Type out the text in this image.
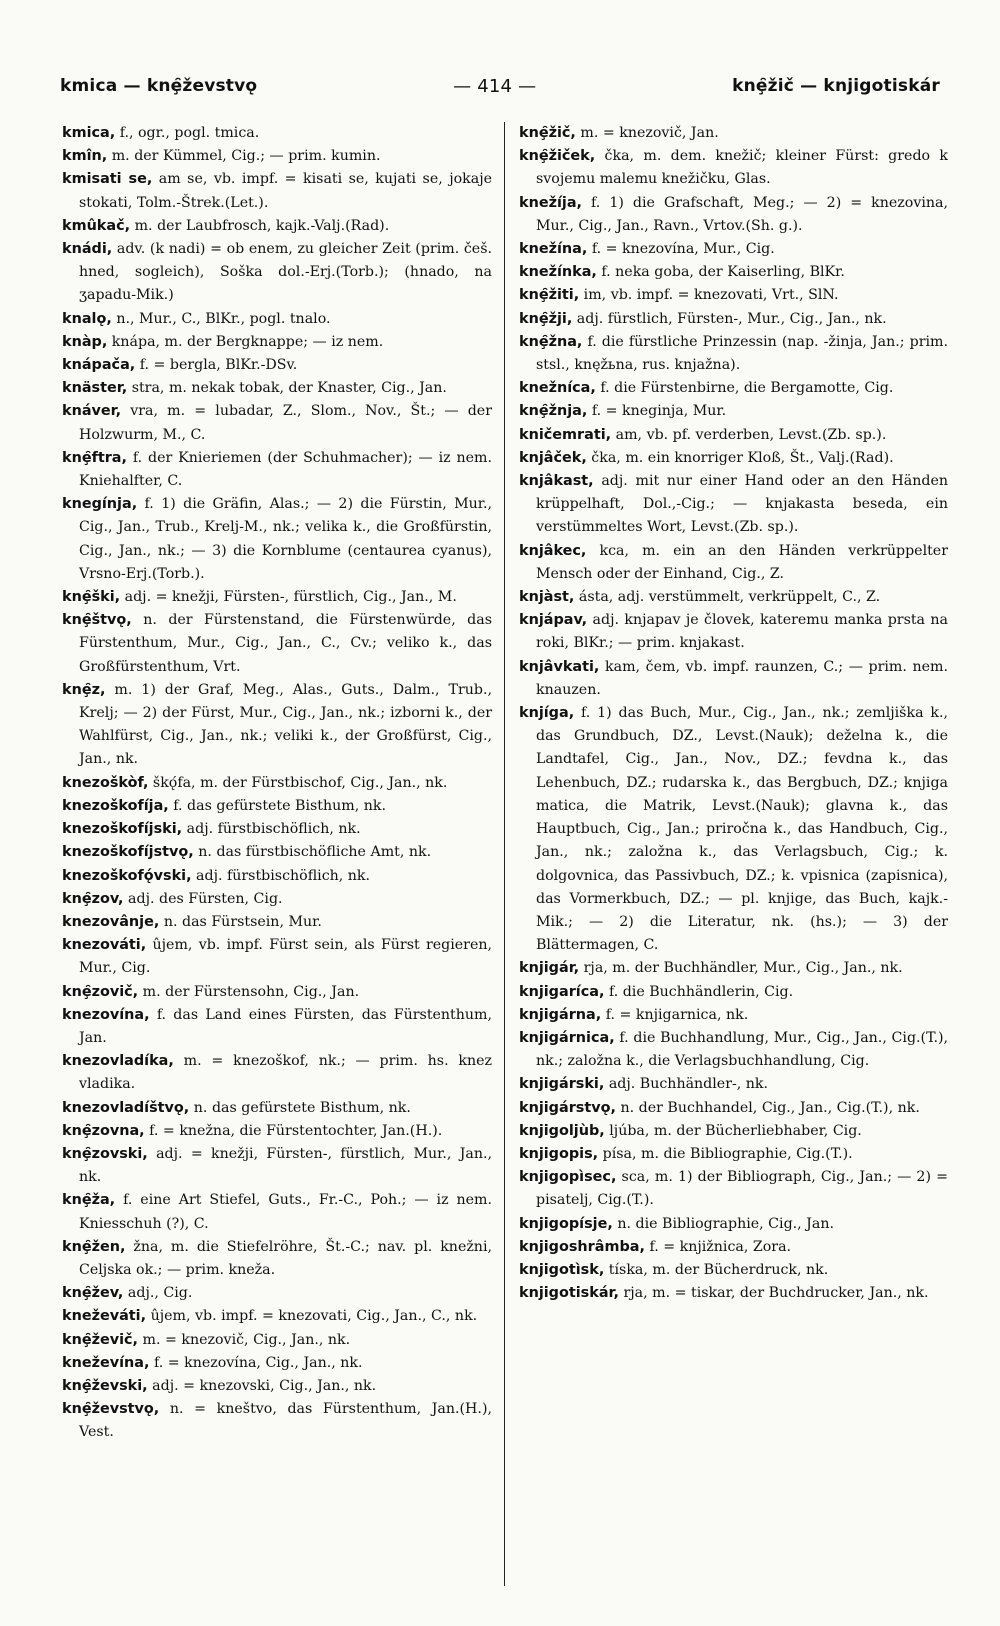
kmica — knȩ̑ževstvǫ	— 414 —	knȩ̑žič — knjigotiskár

kmica, f., ogr., pogl. tmica.

kmîn, m. der Kümmel, Cig.; — prim. kumin.

kmisati se, am se, vb. impf. = kisati se, kujati se, jokaje stokati, Tolm.-Štrek.(Let.).

kmûkač, m. der Laubfrosch, kajk.-Valj.(Rad).

knádi, adv. (k nadi) = ob enem, zu gleicher Zeit (prim. češ. hned, sogleich), Soška dol.-Erj.(Torb.); (hnado, na ʒapadu-Mik.)

knalǫ, n., Mur., C., BlKr., pogl. tnalo.

knàp, knápa, m. der Bergknappe; — iz nem.

knápača, f. = bergla, BlKr.-DSv.

knäster, stra, m. nekak tobak, der Knaster, Cig., Jan.

knáver, vra, m. = lubadar, Z., Slom., Nov., Št.; — der Holzwurm, M., C.

knȩ̑ftra, f. der Knieriemen (der Schuhmacher); — iz nem. Kniehalfter, C.

knegínja, f. 1) die Gräfin, Alas.; — 2) die Fürstin, Mur., Cig., Jan., Trub., Krelj-M., nk.; velika k., die Großfürstin, Cig., Jan., nk.; — 3) die Kornblume (centaurea cyanus), Vrsno-Erj.(Torb.).

knȩ̑ški, adj. = knežji, Fürsten-, fürstlich, Cig., Jan., M.

knȩ̑štvǫ, n. der Fürstenstand, die Fürstenwürde, das Fürstenthum, Mur., Cig., Jan., C., Cv.; veliko k., das Großfürstenthum, Vrt.

knȩ̑z, m. 1) der Graf, Meg., Alas., Guts., Dalm., Trub., Krelj; — 2) der Fürst, Mur., Cig., Jan., nk.; izborni k., der Wahlfürst, Cig., Jan., nk.; veliki k., der Großfürst, Cig., Jan., nk.

knezoškòf, škǫ́fa, m. der Fürstbischof, Cig., Jan., nk.

knezoškofíja, f. das gefürstete Bisthum, nk.

knezoškofíjski, adj. fürstbischöflich, nk.

knezoškofíjstvǫ, n. das fürstbischöfliche Amt, nk.

knezoškofǫ́vski, adj. fürstbischöflich, nk.

knȩ̑zov, adj. des Fürsten, Cig.

knezovânje, n. das Fürstsein, Mur.

knezováti, ûjem, vb. impf. Fürst sein, als Fürst regieren, Mur., Cig.

knȩ̑zovič, m. der Fürstensohn, Cig., Jan.

knezovína, f. das Land eines Fürsten, das Fürstenthum, Jan.

knezovladíka, m. = knezoškof, nk.; — prim. hs. knez vladika.

knezovladíštvǫ, n. das gefürstete Bisthum, nk.

knȩ̑zovna, f. = knežna, die Fürstentochter, Jan.(H.).

knȩ̑zovski, adj. = knežji, Fürsten-, fürstlich, Mur., Jan., nk.

knȩ̑ža, f. eine Art Stiefel, Guts., Fr.-C., Poh.; — iz nem. Kniesschuh (?), C.

knȩ̑žen, žna, m. die Stiefelröhre, Št.-C.; nav. pl. knežni, Celjska ok.; — prim. kneža.

knȩ̑žev, adj., Cig.

kneževáti, ûjem, vb. impf. = knezovati, Cig., Jan., C., nk.

knȩ̑ževič, m. = knezovič, Cig., Jan., nk.

kneževína, f. = knezovína, Cig., Jan., nk.

knȩ̑ževski, adj. = knezovski, Cig., Jan., nk.

knȩ̑ževstvǫ, n. = kneštvo, das Fürstenthum, Jan.(H.), Vest.

knȩ̑žič, m. = knezovič, Jan.

knȩ̑žiček, čka, m. dem. knežič; kleiner Fürst: gredo k svojemu malemu knežičku, Glas.

knežíja, f. 1) die Grafschaft, Meg.; — 2) = knezovina, Mur., Cig., Jan., Ravn., Vrtov.(Sh. g.).

knežína, f. = knezovína, Mur., Cig.

knežínka, f. neka goba, der Kaiserling, BlKr.

knȩ̑žiti, im, vb. impf. = knezovati, Vrt., SlN.

knȩ̑žji, adj. fürstlich, Fürsten-, Mur., Cig., Jan., nk.

knȩ̑žna, f. die fürstliche Prinzessin (nap. -žinja, Jan.; prim. stsl., knęžьna, rus. knjažna).

knežníca, f. die Fürstenbirne, die Bergamotte, Cig.

knȩ̑žnja, f. = kneginja, Mur.

kničemrati, am, vb. pf. verderben, Levst.(Zb. sp.).

knjâček, čka, m. ein knorriger Kloß, Št., Valj.(Rad).

knjâkast, adj. mit nur einer Hand oder an den Händen krüppelhaft, Dol.,-Cig.; — knjakasta beseda, ein verstümmeltes Wort, Levst.(Zb. sp.).

knjâkec, kca, m. ein an den Händen verkrüppelter Mensch oder der Einhand, Cig., Z.

knjàst, ásta, adj. verstümmelt, verkrüppelt, C., Z.

knjápav, adj. knjapav je človek, kateremu manka prsta na roki, BlKr.; — prim. knjakast.

knjâvkati, kam, čem, vb. impf. raunzen, C.; — prim. nem. knauzen.

knjíga, f. 1) das Buch, Mur., Cig., Jan., nk.; zemljiška k., das Grundbuch, DZ., Levst.(Nauk); deželna k., die Landtafel, Cig., Jan., Nov., DZ.; fevdna k., das Lehenbuch, DZ.; rudarska k., das Bergbuch, DZ.; knjiga matica, die Matrik, Levst.(Nauk); glavna k., das Hauptbuch, Cig., Jan.; priročna k., das Handbuch, Cig., Jan., nk.; založna k., das Verlagsbuch, Cig.; k. dolgovnica, das Passivbuch, DZ.; k. vpisnica (zapisnica), das Vormerkbuch, DZ.; — pl. knjige, das Buch, kajk.-Mik.; — 2) die Literatur, nk. (hs.); — 3) der Blättermagen, C.

knjigár, rja, m. der Buchhändler, Mur., Cig., Jan., nk.

knjigaríca, f. die Buchhändlerin, Cig.

knjigárna, f. = knjigarnica, nk.

knjigárnica, f. die Buchhandlung, Mur., Cig., Jan., Cig.(T.), nk.; založna k., die Verlagsbuchhandlung, Cig.

knjigárski, adj. Buchhändler-, nk.

knjigárstvǫ, n. der Buchhandel, Cig., Jan., Cig.(T.), nk.

knjigoljùb, ljúba, m. der Bücherliebhaber, Cig.

knjigopis, písa, m. die Bibliographie, Cig.(T.).

knjigopìsec, sca, m. 1) der Bibliograph, Cig., Jan.; — 2) = pisatelj, Cig.(T.).

knjigopísje, n. die Bibliographie, Cig., Jan.

knjigoshrâmba, f. = knjižnica, Zora.

knjigotìsk, tíska, m. der Bücherdruck, nk.

knjigotiskár, rja, m. = tiskar, der Buchdrucker, Jan., nk.
